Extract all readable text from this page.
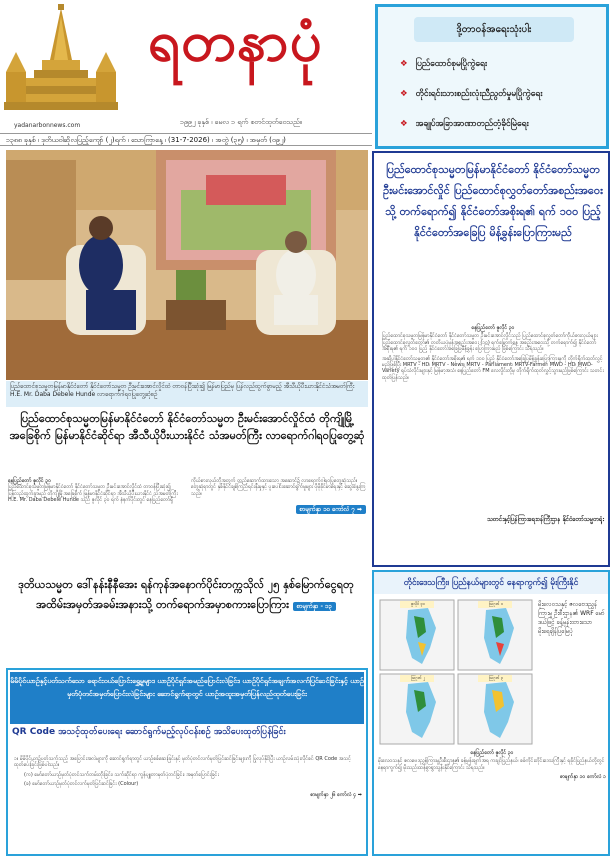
ရတနာပုံ
yadanarbonnews.com	၁၉၉၂ ခုနှစ် ၊ မေလ ၁ ရက် စတင်ထုတ်ဝေသည်။
၁၃၈၈ ခုနှစ် ၊ ဒုတိယဝါဆိုလပြည့်ကျော် (၂)ရက် ၊ သောကြာနေ့ ၊ (31-7-2026) ၊ အတွဲ (၃၅) ၊ အမှတ် (၀၉၂)
ဒို့တာဝန်အရေးသုံးပါး
❖ ပြည်ထောင်စုမပြိုကွဲရေး
❖ တိုင်းရင်းသားစည်းလုံးညီညွတ်မှုမပြိုကွဲရေး
❖ အချုပ်အခြာအာဏာတည်တံ့ခိုင်မြဲရေး
ပြည်ထောင်စုသမ္မတမြန်မာနိုင်ငံတော် နိုင်ငံတော်သမ္မတ ဦးမင်းအောင်လှိုင်ထံ တာဝန်ပြီးဆုံး၍ မြန်မာပြည်မှ ပြန်လည်ထွက်ခွာမည့် အီသီယိုပီးယားနိုင်ငံသံအမတ်ကြီး H.E. Mr. Daba Debele Hunde လာရောက်ဂါရဝပြုတွေ့ဆုံစဉ်
ပြည်ထောင်စုသမ္မတမြန်မာနိုင်ငံတော် နိုင်ငံတော်သမ္မတ ဦးမင်းအောင်လှိုင်ထံ တိုကျိုမြို့အခြေစိုက် မြန်မာနိုင်ငံဆိုင်ရာ အီသီယိုပီးယားနိုင်ငံ သံအမတ်ကြီး လာရောက်ဂါရဝပြုတွေ့ဆုံ
နေပြည်တော် ဇူလိုင် ၃၀
ပြည်ထောင်စုသမ္မတမြန်မာနိုင်ငံတော် နိုင်ငံတော်သမ္မတ ဦးမင်းအောင်လှိုင်ထံ တာဝန်ပြီးဆုံး၍ ပြန်လည်ထွက်ခွာမည့် တိုကျိုမြို့အခြေစိုက် မြန်မာနိုင်ငံဆိုင်ရာ အီသီယိုပီးယားနိုင်ငံ သံအမတ်ကြီး H.E. Mr. Daba Debele Hunde သည် ဇူလိုင် ၃၀ ရက် နံနက်ပိုင်းတွင် နေပြည်တော်ရှိ ကိုယ်စားလှယ်တို့အတွက် တည်ဆောက်ထားသော အဆောင်၌ လာရောက်ဂါရဝပြုတွေ့ဆုံသည်။ တွေ့ဆုံရာတွင် နှစ်နိုင်ငံချစ်ကြည်ရင်းနှီးမှုနှင့် ပူးပေါင်းဆောင်ရွက်မှုများ ပိုမိုခိုင်မာရေးနှင့် ဆွေးနွေးကြသည်။
စာမျက်နှာ ၁၀ ကော်လံ ၇ ➡
ပြည်ထောင်စုသမ္မတမြန်မာနိုင်ငံတော် နိုင်ငံတော်သမ္မတ ဦးမင်းအောင်လှိုင် ပြည်ထောင်စုလွှတ်တော်အစည်းအဝေးသို့ တက်ရောက်၍ နိုင်ငံတော်အစိုးရ၏ ရက် ၁၀၀ ပြည့် နိုင်ငံတော်အခြေပြ မိန့်ခွန်းပြောကြားမည်
နေပြည်တော် ဇူလိုင် ၃၀
ပြည်ထောင်စုသမ္မတမြန်မာနိုင်ငံတော် နိုင်ငံတော်သမ္မတ ဦးမင်းအောင်လှိုင်သည် ပြည်ထောင်စုလွှတ်တော်ကိုယ်စားလှယ်များ ပြည်ထောင်စုလွှတ်တော်၏ တတိယပုံမှန်အစည်းအဝေး (၁၀) ရက်မြောက်နေ့ အစည်းအဝေးသို့ တက်ရောက်၍ နိုင်ငံတော်အစိုးရ၏ ရက် ၁၀၀ ပြည့် နိုင်ငံတော်အခြေပြမိန့်ခွန်း ပြောကြားမည် ဖြစ်ကြောင်း သိရသည်။
အဆိုပါနိုင်ငံတော်သမ္မတ၏ နိုင်ငံတော်အစိုးရ၏ ရက် ၁၀၀ ပြည့် နိုင်ငံတော်အခြေပြမိန့်ခွန်းပြောကြားမှုကို တိုက်ရိုက်ထုတ်လွှင့်မည်ဖြစ်ပြီး MRTV - HD၊ MRTV - News၊ MRTV - Parliament၊ MRTV-Farmer၊ MWD - HD၊ MWD-Variety ရုပ်သံလိုင်းများနှင့် မြန်မာ့အသံ၊ နေပြည်တော် FM လေလှိုင်းတို့မှ တိုက်ရိုက်ထုတ်လွှင့်သွားမည်ဖြစ်ကြောင်း သတင်းထုတ်ပြန်သည်။
သတင်းနှင့်ပြန်ကြားရေးဝန်ကြီးဌာန နိုင်ငံတော်သမ္မတရုံး
ဒုတိယသမ္မတ ဒေါ်နန်းနီနီအေး ရန်ကုန်အနောက်ပိုင်းတက္ကသိုလ် ၂၅ နှစ်မြောက်ငွေရတု အထိမ်းအမှတ်အခမ်းအနားသို့ တက်ရောက်အမှာစကားပြောကြား စာမျက်နှာ - ၁၃
မိမိပိုင်ယာဉ်နှင့်ပတ်သက်သော ရောင်းဝယ်ပြောင်းရွှေ့မှုများ၊ ယာဉ်ပိုင်ရှင်အမည်ပြောင်းလဲခြင်း၊ ယာဉ်ပိုင်ရှင်အချက်အလက်ပြင်ဆင်ခြင်းနှင့် ယာဉ်မှတ်ပုံတင်အမှတ်ပြောင်းလဲခြင်းများ ဆောင်ရွက်ရာတွင် ယာဉ်အထူးအမှတ်ပြန်လည်ထုတ်ပေးခြင်း
QR Code အသင့်ထုတ်ပေးရေး ဆောင်ရွက်မည့်လုပ်ငန်းစဉ် အသိပေးထုတ်ပြန်ခြင်း
၁။ မိမိပိုင်ယာဉ်ပတ်သက်သည့် အပြောင်းအလဲများကို ဆောင်ရွက်ရာတွင် ယာဉ်စစ်ဆေးခြင်းနှင့် မှတ်ပုံတင်လက်မှတ်ပြင်ဆင်ခြင်းများကို ပြုလုပ်နိုင်ပြီး ယာဉ်လမ်းသုံးလိုင်စင် QR Code အသင့်ထုတ်ပေးခြင်းဖြစ်ပါသည်။
(က) မော်တော်ယာဉ်မှတ်ပုံတင်သက်တမ်းတိုးခြင်း၊ သက်ဆိုင်ရာ ကွန်ပျူတာမှတ်ပုံတင်ခြင်း၊ အမှတ်ပြောင်းခြင်း
(ခ) မော်တော်ယာဉ်မှတ်ပုံတင်လက်မှတ်ပြင်ဆင်ခြင်း (Colour)
စာမျက်နှာ ၂၆ ကော်လံ ၄ ➡
တိုင်းဒေသကြီး၊ ပြည်နယ်များတွင် နေရာကွက်၍ မိုးကြီးနိုင်
ဇူလိုင် ၃၁	ဩဂုတ် ၁
ဩဂုတ် ၂	ဩဂုတ် ၃
မိုးလေဝသနှင့် ဇလဗေဒညွှန်ကြားမှု ဦးစီးဌာန၏ WRF မော်ဒယ်ဖြင့် ခန့်မှန်းထားသော မိုးရေချိန်ပြမြေပုံ
နေပြည်တော် ဇူလိုင် ၃၀
မိုးလေဝသနှင့် ဇလဗေဒညွှန်ကြားမှုဦးစီးဌာန၏ ခန့်မှန်းချက်အရ ကချင်ပြည်နယ်၊ စစ်ကိုင်းတိုင်းဒေသကြီးနှင့် ရခိုင်ပြည်နယ်တို့တွင် နေရာကွက်၍ မိုးသည်းထန်စွာရွာသွန်းနိုင်ကြောင်း သိရသည်။
စာမျက်နှာ ၁၀ ကော်လံ ၁
